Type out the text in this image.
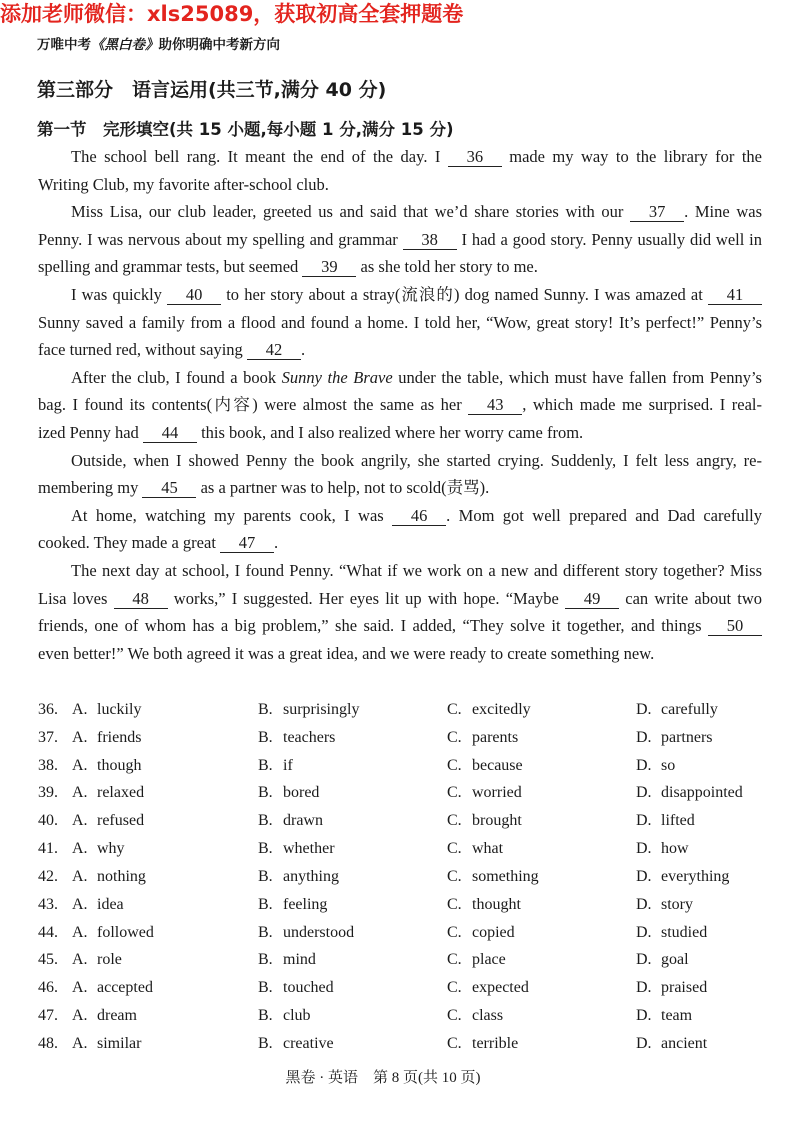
添加老师微信：xls25089，获取初高全套押题卷
万唯中考《黑白卷》助你明确中考新方向
第三部分　语言运用(共三节,满分 40 分)
第一节　完形填空(共 15 小题,每小题 1 分,满分 15 分)
The school bell rang. It meant the end of the day. I 36 made my way to the library for the
Writing Club, my favorite after-school club.
Miss Lisa, our club leader, greeted us and said that we’d share stories with our 37 . Mine was
Penny. I was nervous about my spelling and grammar 38 I had a good story. Penny usually did well in
spelling and grammar tests, but seemed 39 as she told her story to me.
I was quickly 40 to her story about a stray(流浪的) dog named Sunny. I was amazed at 41
Sunny saved a family from a flood and found a home. I told her, “Wow, great story! It’s perfect!” Penny’s
face turned red, without saying 42 .
After the club, I found a book Sunny the Brave under the table, which must have fallen from Penny’s
bag. I found its contents(内容) were almost the same as her 43 , which made me surprised. I real-
ized Penny had 44 this book, and I also realized where her worry came from.
Outside, when I showed Penny the book angrily, she started crying. Suddenly, I felt less angry, re-
membering my 45 as a partner was to help, not to scold(责骂).
At home, watching my parents cook, I was 46 . Mom got well prepared and Dad carefully
cooked. They made a great 47 .
The next day at school, I found Penny. “What if we work on a new and different story together? Miss
Lisa loves 48 works,” I suggested. Her eyes lit up with hope. “Maybe 49 can write about two
friends, one of whom has a big problem,” she said. I added, “They solve it together, and things 50
even better!” We both agreed it was a great idea, and we were ready to create something new.
36. A. luckily	B. surprisingly	C. excitedly	D. carefully
37. A. friends	B. teachers	C. parents	D. partners
38. A. though	B. if	C. because	D. so
39. A. relaxed	B. bored	C. worried	D. disappointed
40. A. refused	B. drawn	C. brought	D. lifted
41. A. why	B. whether	C. what	D. how
42. A. nothing	B. anything	C. something	D. everything
43. A. idea	B. feeling	C. thought	D. story
44. A. followed	B. understood	C. copied	D. studied
45. A. role	B. mind	C. place	D. goal
46. A. accepted	B. touched	C. expected	D. praised
47. A. dream	B. club	C. class	D. team
48. A. similar	B. creative	C. terrible	D. ancient
黑卷 · 英语　第 8 页(共 10 页)
